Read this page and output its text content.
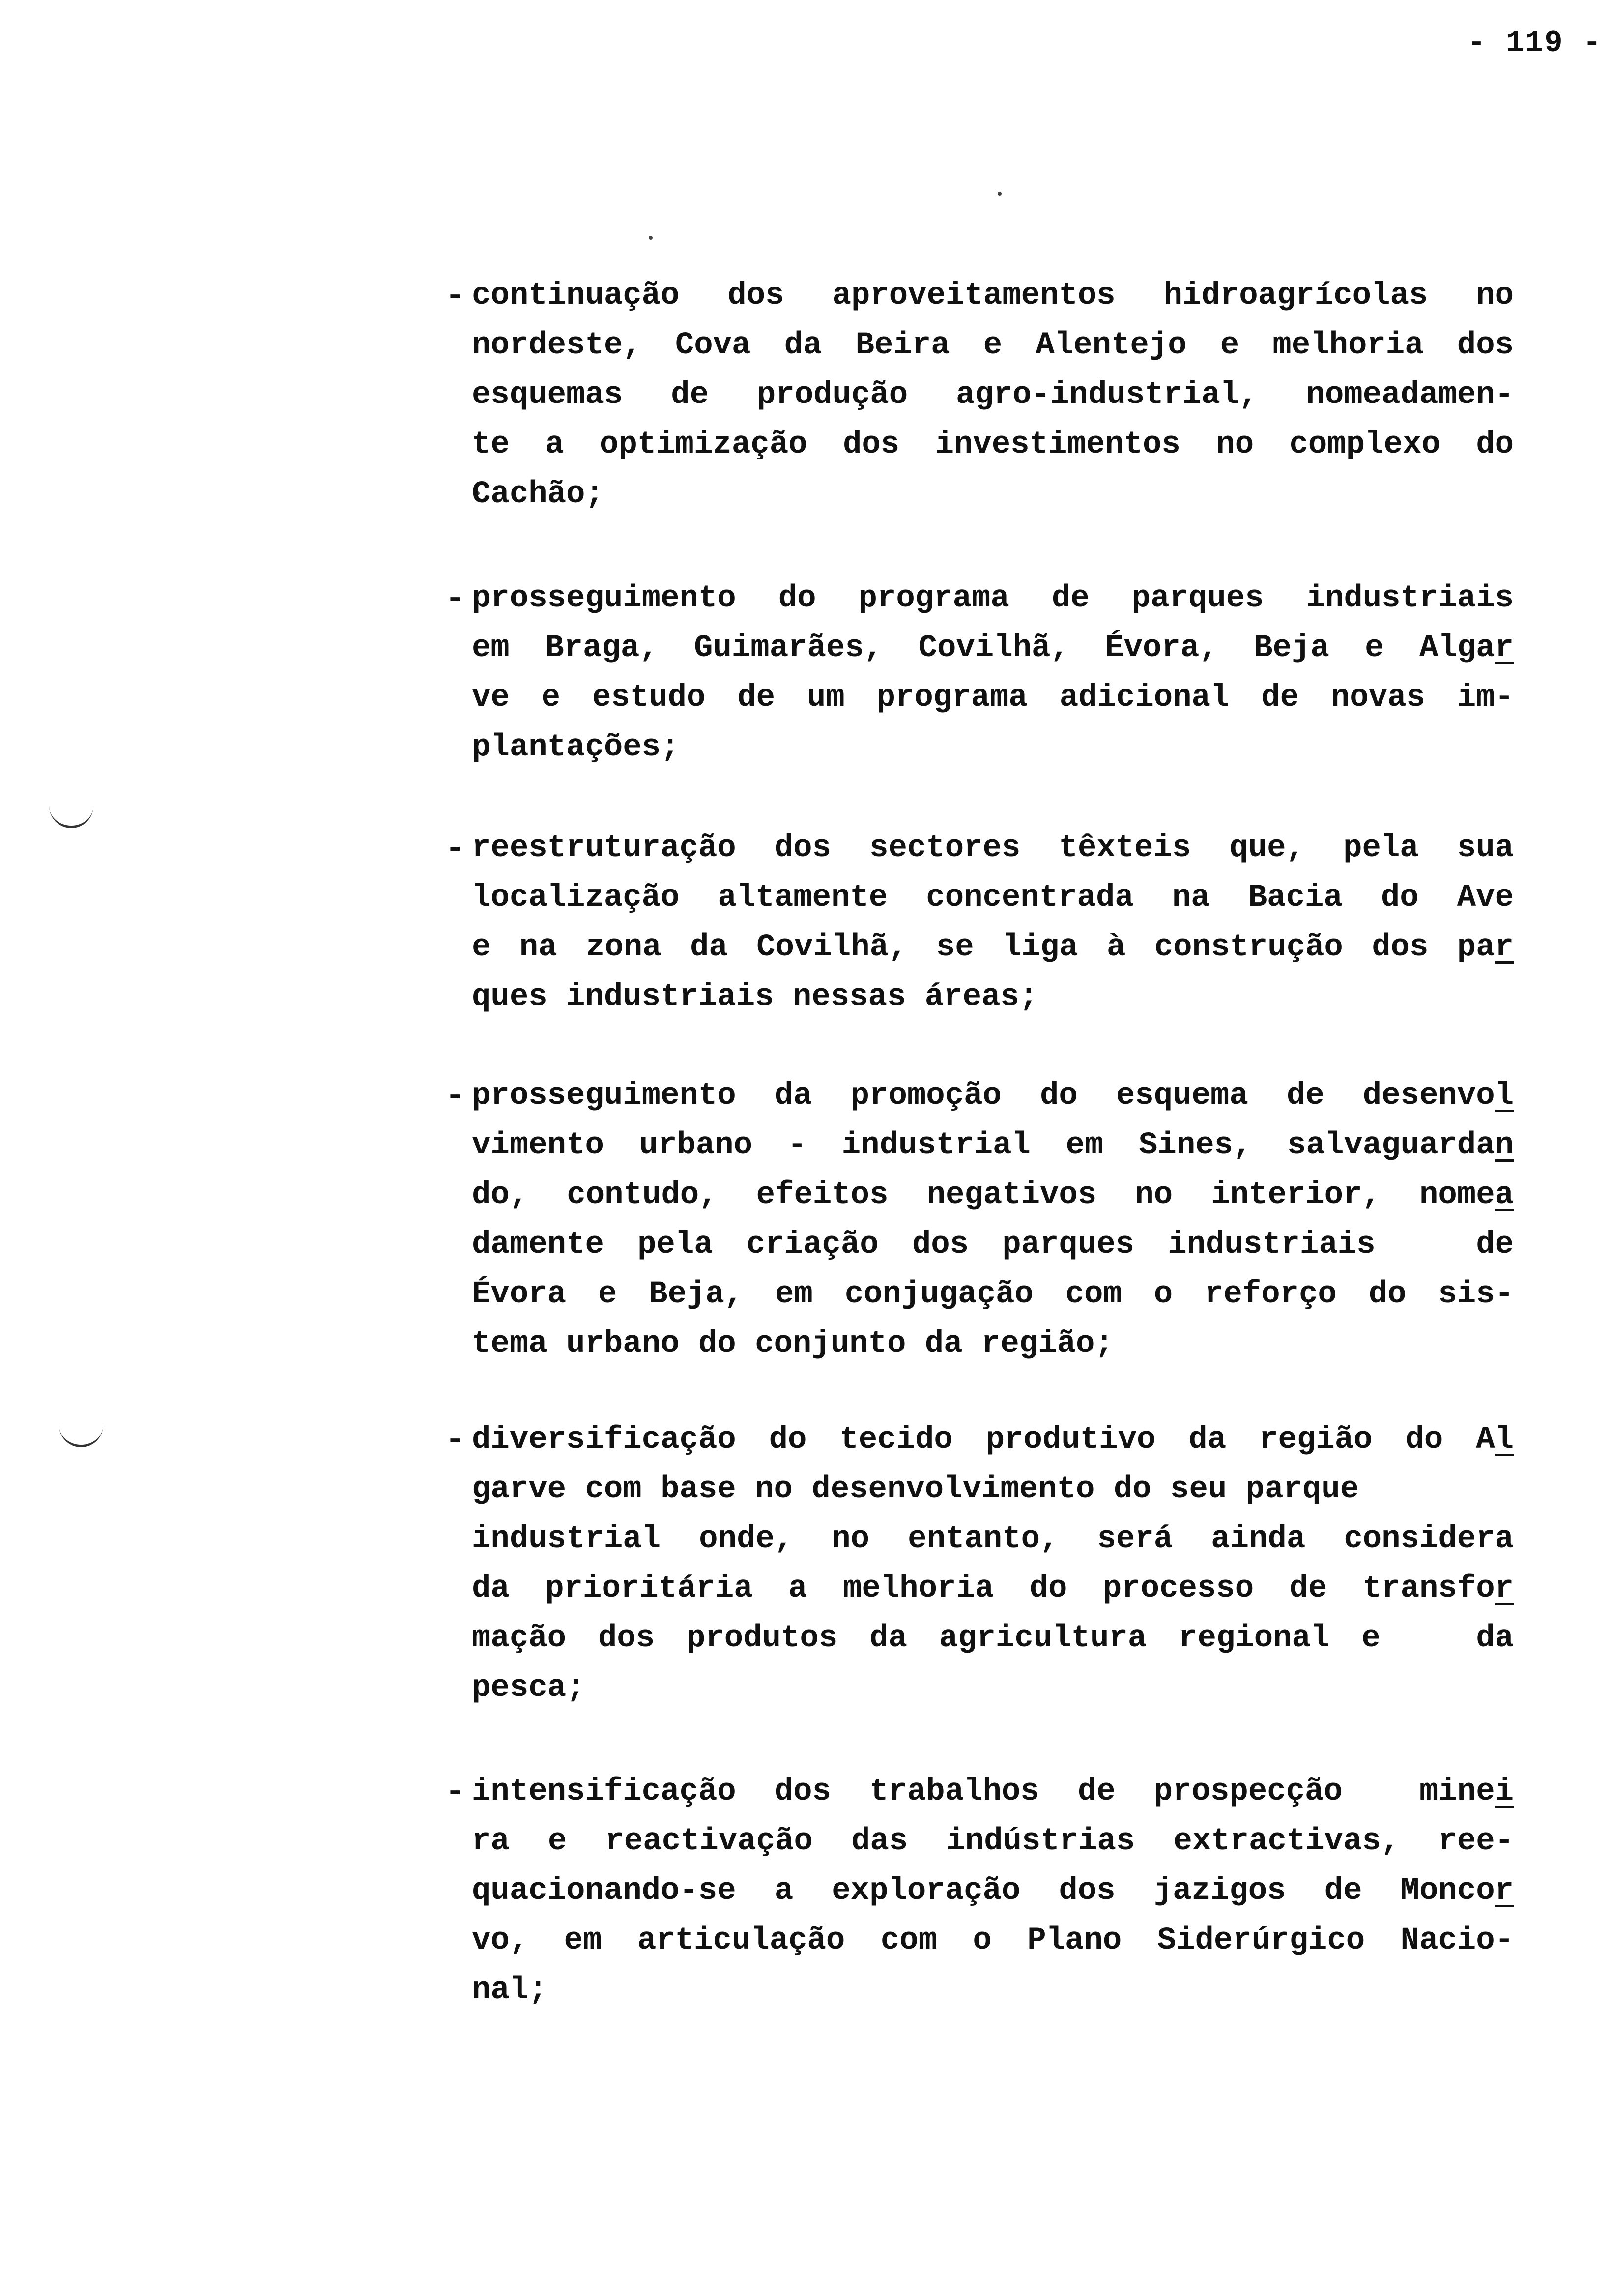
- 119 -
- continuação dos aproveitamentos hidroagrícolas no
nordeste, Cova da Beira e Alentejo e melhoria dos
esquemas de produção agro-industrial, nomeadamen-
te a optimização dos investimentos no complexo do
Cachão;
- prosseguimento do programa de parques industriais
em Braga, Guimarães, Covilhã, Évora, Beja e Algar
ve e estudo de um programa adicional de novas im-
plantações;
- reestruturação dos sectores têxteis que, pela sua
localização altamente concentrada na Bacia do Ave
e na zona da Covilhã, se liga à construção dos par
ques industriais nessas áreas;
- prosseguimento da promoção do esquema de desenvol
vimento urbano - industrial em Sines, salvaguardan
do, contudo, efeitos negativos no interior, nomea
damente pela criação dos parques industriais   de
Évora e Beja, em conjugação com o reforço do sis-
tema urbano do conjunto da região;
- diversificação do tecido produtivo da região do Al
garve com base no desenvolvimento do seu parque
industrial onde, no entanto, será ainda considera
da prioritária a melhoria do processo de transfor
mação dos produtos da agricultura regional e   da
pesca;
- intensificação dos trabalhos de prospecção  minei
ra e reactivação das indústrias extractivas, ree-
quacionando-se a exploração dos jazigos de Moncor
vo, em articulação com o Plano Siderúrgico Nacio-
nal;
